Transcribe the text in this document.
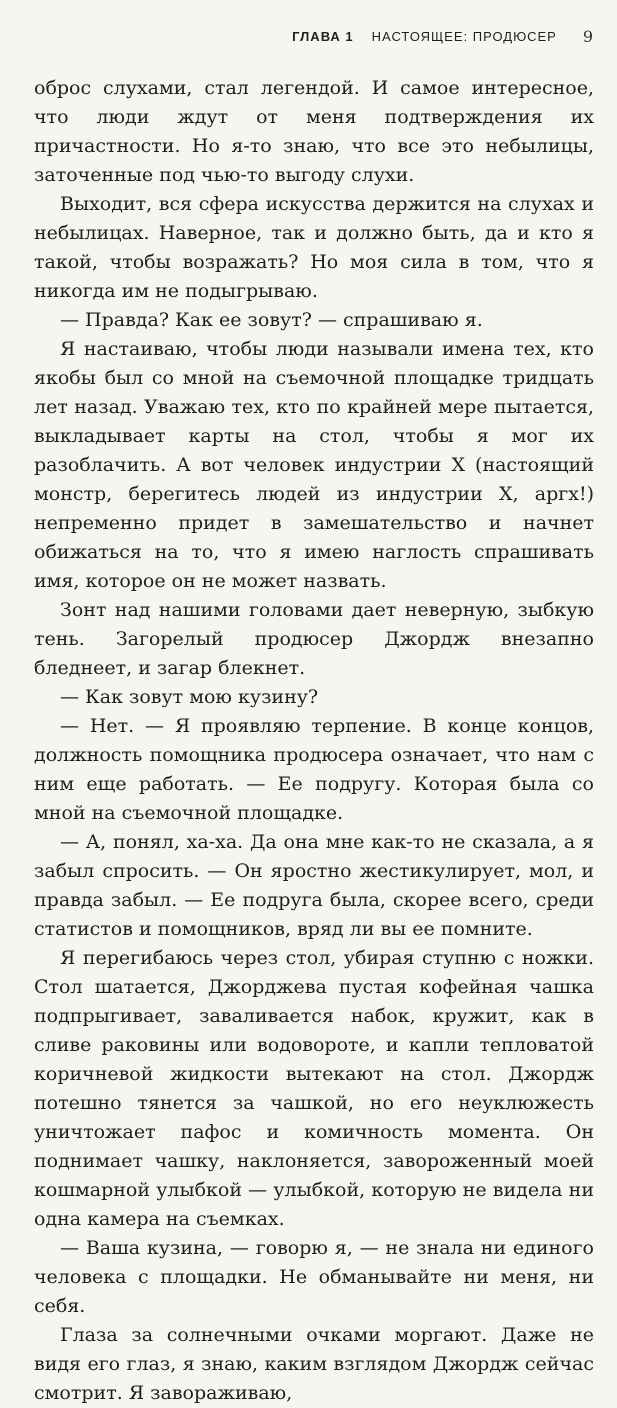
ГЛАВА 1 НАСТОЯЩЕЕ: ПРОДЮСЕР 9

оброс слухами, стал легендой. И самое интересное, что люди ждут от меня подтверждения их причастности. Но я-то знаю, что все это небылицы, заточенные под чью-то выгоду слухи.

Выходит, вся сфера искусства держится на слухах и небылицах. Наверное, так и должно быть, да и кто я такой, чтобы возражать? Но моя сила в том, что я никогда им не подыгрываю.

— Правда? Как ее зовут? — спрашиваю я.

Я настаиваю, чтобы люди называли имена тех, кто якобы был со мной на съемочной площадке тридцать лет назад. Уважаю тех, кто по крайней мере пытается, выкладывает карты на стол, чтобы я мог их разоблачить. А вот человек индустрии X (настоящий монстр, берегитесь людей из индустрии X, аргх!) непременно придет в замешательство и начнет обижаться на то, что я имею наглость спрашивать имя, которое он не может назвать.

Зонт над нашими головами дает неверную, зыбкую тень. Загорелый продюсер Джордж внезапно бледнеет, и загар блекнет.

— Как зовут мою кузину?

— Нет. — Я проявляю терпение. В конце концов, должность помощника продюсера означает, что нам с ним еще работать. — Ее подругу. Которая была со мной на съемочной площадке.

— А, понял, ха-ха. Да она мне как-то не сказала, а я забыл спросить. — Он яростно жестикулирует, мол, и правда забыл. — Ее подруга была, скорее всего, среди статистов и помощников, вряд ли вы ее помните.

Я перегибаюсь через стол, убирая ступню с ножки. Стол шатается, Джорджева пустая кофейная чашка подпрыгивает, заваливается набок, кружит, как в сливе раковины или водовороте, и капли тепловатой коричневой жидкости вытекают на стол. Джордж потешно тянется за чашкой, но его неуклюжесть уничтожает пафос и комичность момента. Он поднимает чашку, наклоняется, завороженный моей кошмарной улыбкой — улыбкой, которую не видела ни одна камера на съемках.

— Ваша кузина, — говорю я, — не знала ни единого человека с площадки. Не обманывайте ни меня, ни себя.

Глаза за солнечными очками моргают. Даже не видя его глаз, я знаю, каким взглядом Джордж сейчас смотрит. Я завораживаю,
